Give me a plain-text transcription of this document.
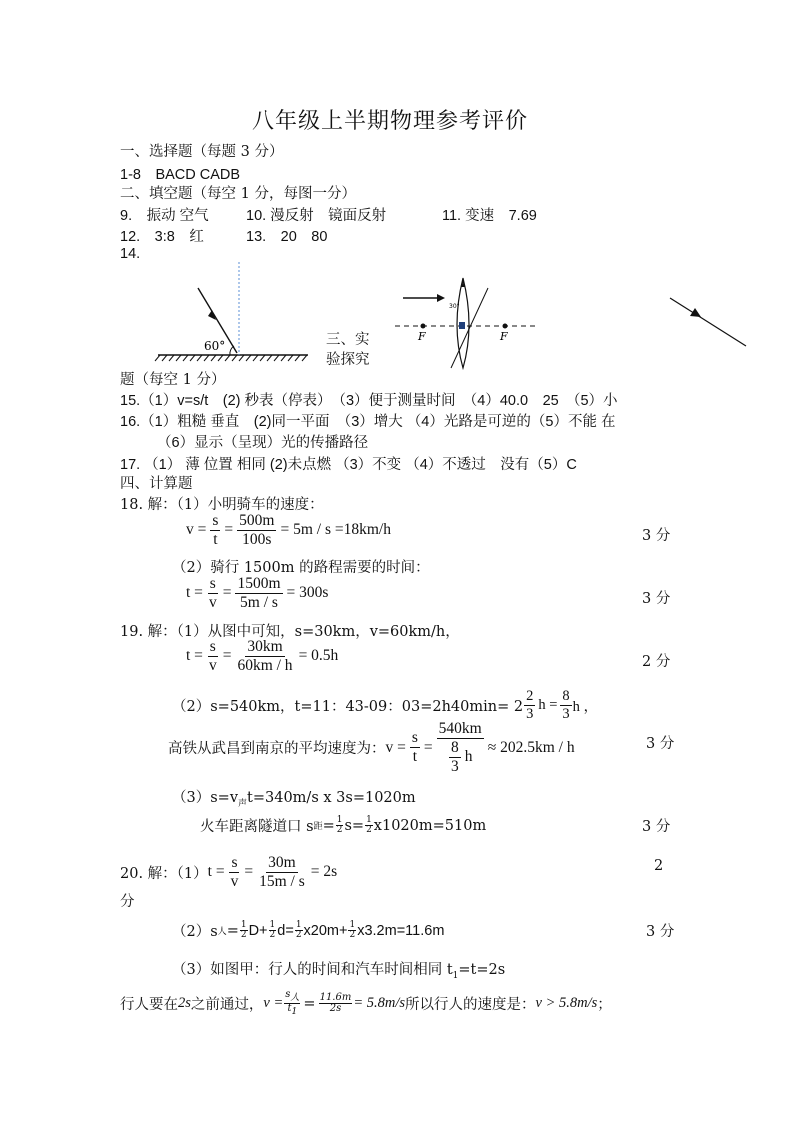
八年级上半期物理参考评价
一、选择题（每题 3 分）
1-8　BACD CADB
二、填空题（每空 1 分，每图一分）
9.　振动 空气	10. 漫反射　镜面反射	11. 变速　7.69
12.　3:8　红	13.　20　80
14.
60°	三、实
验探究
30°
F	F
题（每空 1 分）
15.（1）v=s/t　(2) 秒表（停表）　（3）便于测量时间　（4）40.0　25　（5）小
16.（1）粗糙 垂直　(2)同一平面　（3）增大 （4）光路是可逆的（5）不能 在
（6）显示（呈现）光的传播路径
17. （1） 薄 位置 相同 (2)未点燃 （3）不变 （4）不透过　没有（5）C
四、计算题
18. 解：（1）小明骑车的速度：
$v = \frac{s}{t} = \frac{500m}{100s} = 5m / s =18km/h$	3 分
（2）骑行 1500m 的路程需要的时间：
$t = \frac{s}{v} = \frac{1500m}{5m / s} = 300s$	3 分
19. 解：（1）从图中可知，s=30km，v=60km/h，
$t = \frac{s}{v} = \frac{30km}{60km / h} = 0.5h$	2 分
（2）s=540km，t=11：43-09：$03=2h40\min= 2 \frac{2}{3}$ $h = \frac{8}{3}$ h ，
高铁从武昌到南京的平均速度为： $v = \frac{s}{t} = \frac{540km}{\frac{8}{3} h} \approx 202.5km / h$	3 分
$(3)s=v_声t=340m/s$ x 3s=1020m
火车距离隧道口 s 距 = $\frac{1}{2} s= \frac{1}{2} x1020m=510m$	3 分
20. 解：（1） $t = \frac{s}{v} = \frac{30m}{15m / s} = 2s$	2
分
（2）s 人 = $\frac{1}{2} D+ \frac{1}{2} d= \frac{1}{2} x20m+ \frac{1}{2} x3.2m=11.6m$	3 分
（3）如图甲：行人的时间和汽车时间相同 $t_1=t=2s$
行人要在 2s 之前通过， v =
$s_人$
$t_1$
= $\frac{11.6m}{2s} = 5.8m/s$ 所以行人的速度是： v > 5.8m/s ；
